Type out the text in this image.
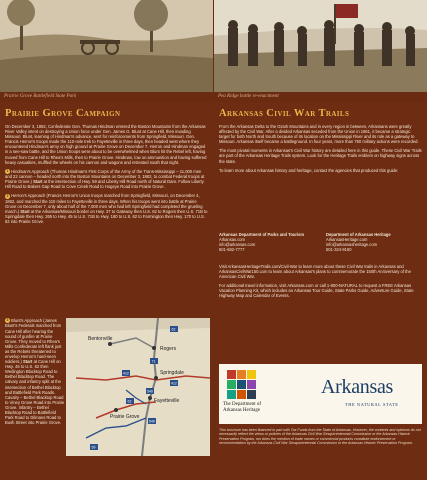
Prairie Grove Battlefield State Park
Prairie Grove Campaign

On December 3, 1862, Confederate Gen. Thomas Hindman entered the Boston Mountains from the Arkansas River Valley intent on destroying a Union force under Gen. James G. Blunt at Cane Hill, then invading Missouri. Blunt, learning of Hindman's advance, sent for reinforcements from Springfield, Missouri. Gen. Francis Herron's troops made the 110-mile trek to Fayetteville in three days, then headed west where they encountered Hindman's army on high ground at Prairie Grove on December 7. Herron and Hindman engaged in a see-saw battle, and the Union troops were about to be overwhelmed when Blunt hit the Rebel left, having moved from Cane Hill to Rhea's Mills, then to Prairie Grove. Hindman, low on ammunition and having suffered heavy casualties, muffled the wheels on his cannon and wagons and retreated south that night.

1 Hindman's Approach (Thomas Hindman's First Corps of the Army of the Trans-Mississippi – 11,000 men and 22 cannon – headed north into the Boston Mountains on December 3, 1862, to combat Federal troops at Prairie Grove.) Start at the intersection of Hwy. 59 and Liberty Hill Road north of Natural Dam. Follow Liberty Hill Road to Bakers Gap Road to Cove Creek Road to Hogeye Road into Prairie Grove.

2 Herron's Approach (Francis Herron's Union troops marched from Springfield, Missouri, on December 4, 1862, and marched the 110 miles to Fayetteville in three days. When his troops went into battle at Prairie Grove on December 7, only about half of the 7,000 men who had left Springfield had completed the grueling march.) Start at the Arkansas/Missouri border on Hwy. 37 to Gateway then U.S. 62 to Rogers then U.S. 71B to Springdale then Hwy. 265 to Hwy. 45 to U.S. 71B to Hwy. 180 to U.S. 62 to Farmington then Hwy. 170 to U.S. 62 into Prairie Grove.

3 Blunt's Approach (James Blunt's Federals marched from Cane Hill after hearing the sound of gunfire at Prairie Grove. They moved to Rhea's Mills Confederate left flank just as the Rebels threatened to envelop Herron's hard-seen soldiers.) Start at Cane Hill on Hwy. 45 to U.S. 62 then Wedington Blacktop Road to Bethel Blacktop Road. The calvary and infantry split at the intersection of Bethel Blacktop and Battlefield Park Roads. Cavalry – Bethel Blacktop Road to Viney Grove Road into Prairie Grove. Infantry – Bethel Blacktop Road to Battlefield Park Road to Dilmans Road to Bush Street into Prairie Grove.
Bentonville
Rogers
Springdale
Fayetteville
Prairie Grove
62
71
412
412
540
62
540
59
Pea Ridge battle re-enactment
Arkansas Civil War Trails

From the Arkansas Delta to the Ozark Mountains and in every region in between, Arkansans were greatly affected by the Civil War. After a divided Arkansas seceded from the Union in 1861, it became a strategic target for both North and South because of its location on the Mississippi River and its role as a gateway to Missouri. Arkansas itself became a battleground. In four years, more than 750 military actions were recorded.

The most pivotal moments in Arkansas's Civil War history are detailed here in this guide. These Civil War Trails are part of the Arkansas Heritage Trails system. Look for the Heritage Trails emblem on highway signs across the state.

To learn more about Arkansas history and heritage, contact the agencies that produced this guide:

Arkansas Department of Parks and Tourism
Arkansas.com
info@arkansas.com
501-682-7777
Department of Arkansas Heritage
ArkansasHeritage.com
info@arkansasheritage.com
501-324-9150

Visit ArkansasHeritageTrails.com/Civil-War to learn more about these Civil War trails in Arkansas and ArkansasCivilWar150.com to learn about Arkansas's plans to commemorate the 150th Anniversary of the American Civil War.

For additional travel information, visit Arkansas.com or call 1-800-NATURAL to request a FREE Arkansas Vacation Planning Kit, which includes an Arkansas Tour Guide, State Parks Guide, Adventure Guide, State Highway Map and Calendar of Events.

The Department of Arkansas Heritage
Arkansas
THE NATURAL STATE
This brochure has been financed in part with Tax Funds from the State of Arkansas. However, the contents and opinions do not necessarily reflect the views or policies of the Arkansas Civil War Sesquicentennial Commission or the Arkansas Historic Preservation Program, nor does the mention of trade names or commercial products constitute endorsement or recommendation by the Arkansas Civil War Sesquicentennial Commission or the Arkansas Historic Preservation Program.
